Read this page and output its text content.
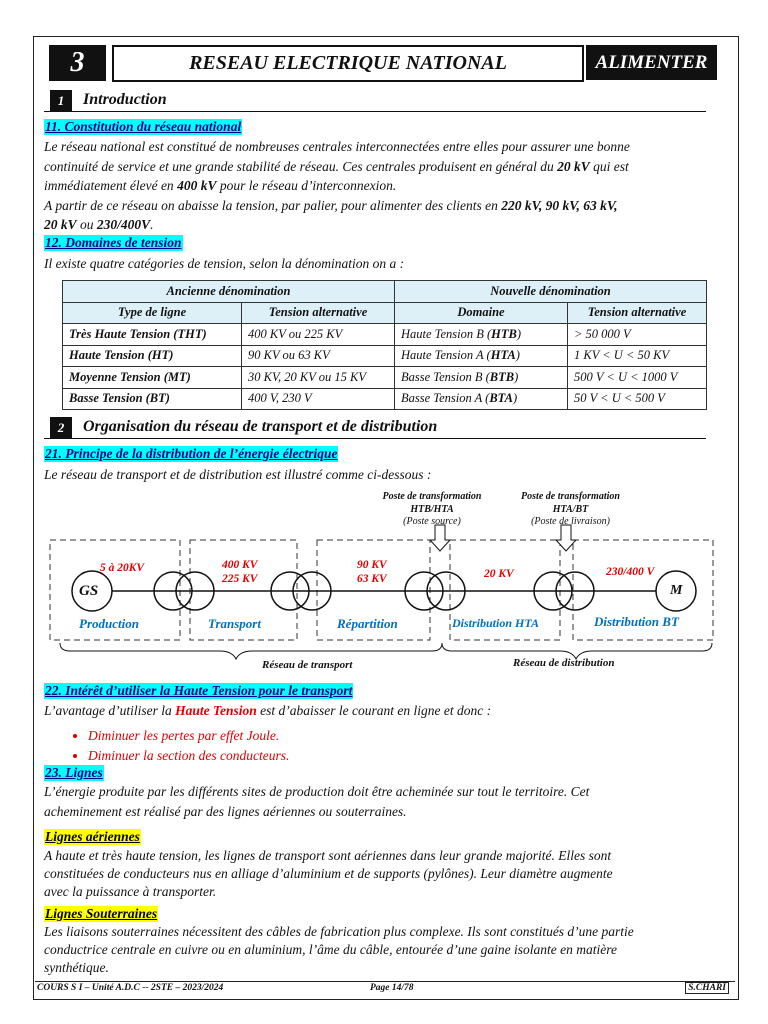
3	RESEAU ELECTRIQUE NATIONAL	ALIMENTER
1	Introduction
11. Constitution du réseau national
Le réseau national est constitué de nombreuses centrales interconnectées entre elles pour assurer une bonne
continuité de service et une grande stabilité de réseau. Ces centrales produisent en général du 20 kV qui est
immédiatement élevé en 400 kV pour le réseau d’interconnexion.
A partir de ce réseau on abaisse la tension, par palier, pour alimenter des clients en 220 kV, 90 kV, 63 kV,
20 kV ou 230/400V.
12. Domaines de tension
Il existe quatre catégories de tension, selon la dénomination on a :
Ancienne dénomination		Nouvelle dénomination	
Type de ligne	Tension alternative	Domaine	Tension alternative
Très Haute Tension (THT)	400 KV ou 225 KV	Haute Tension B (HTB)	> 50 000 V
Haute Tension (HT)	90 KV ou 63 KV	Haute Tension A (HTA)	1 KV < U < 50 KV
Moyenne Tension (MT)	30 KV, 20 KV ou 15 KV	Basse Tension B (BTB)	500 V < U < 1000 V
Basse Tension (BT)	400 V, 230 V	Basse Tension A (BTA)	50 V < U < 500 V
2	Organisation du réseau de transport et de distribution
21. Principe de la distribution de l’énergie électrique
Le réseau de transport et de distribution est illustré comme ci-dessous :
Poste de transformation
HTB/HTA
(Poste source)
Poste de transformation
HTA/BT
(Poste de livraison)
GS	M
5 à 20KV	400 KV
225 KV
90 KV
63 KV	20 KV	230/400 V
Production	Transport	Répartition	Distribution HTA	Distribution BT
Réseau de transport	Réseau de distribution
22. Intérêt d’utiliser la Haute Tension pour le transport
L’avantage d’utiliser la Haute Tension est d’abaisser le courant en ligne et donc :
• Diminuer les pertes par effet Joule.
• Diminuer la section des conducteurs.
23. Lignes
L’énergie produite par les différents sites de production doit être acheminée sur tout le territoire. Cet
acheminement est réalisé par des lignes aériennes ou souterraines.
Lignes aériennes
A haute et très haute tension, les lignes de transport sont aériennes dans leur grande majorité. Elles sont
constituées de conducteurs nus en alliage d’aluminium et de supports (pylônes). Leur diamètre augmente
avec la puissance à transporter.
Lignes Souterraines
Les liaisons souterraines nécessitent des câbles de fabrication plus complexe. Ils sont constitués d’une partie
conductrice centrale en cuivre ou en aluminium, l’âme du câble, entourée d’une gaine isolante en matière
synthétique.
COURS S I – Unité A.D.C -- 2STE – 2023/2024	Page 14/78	S.CHARI
